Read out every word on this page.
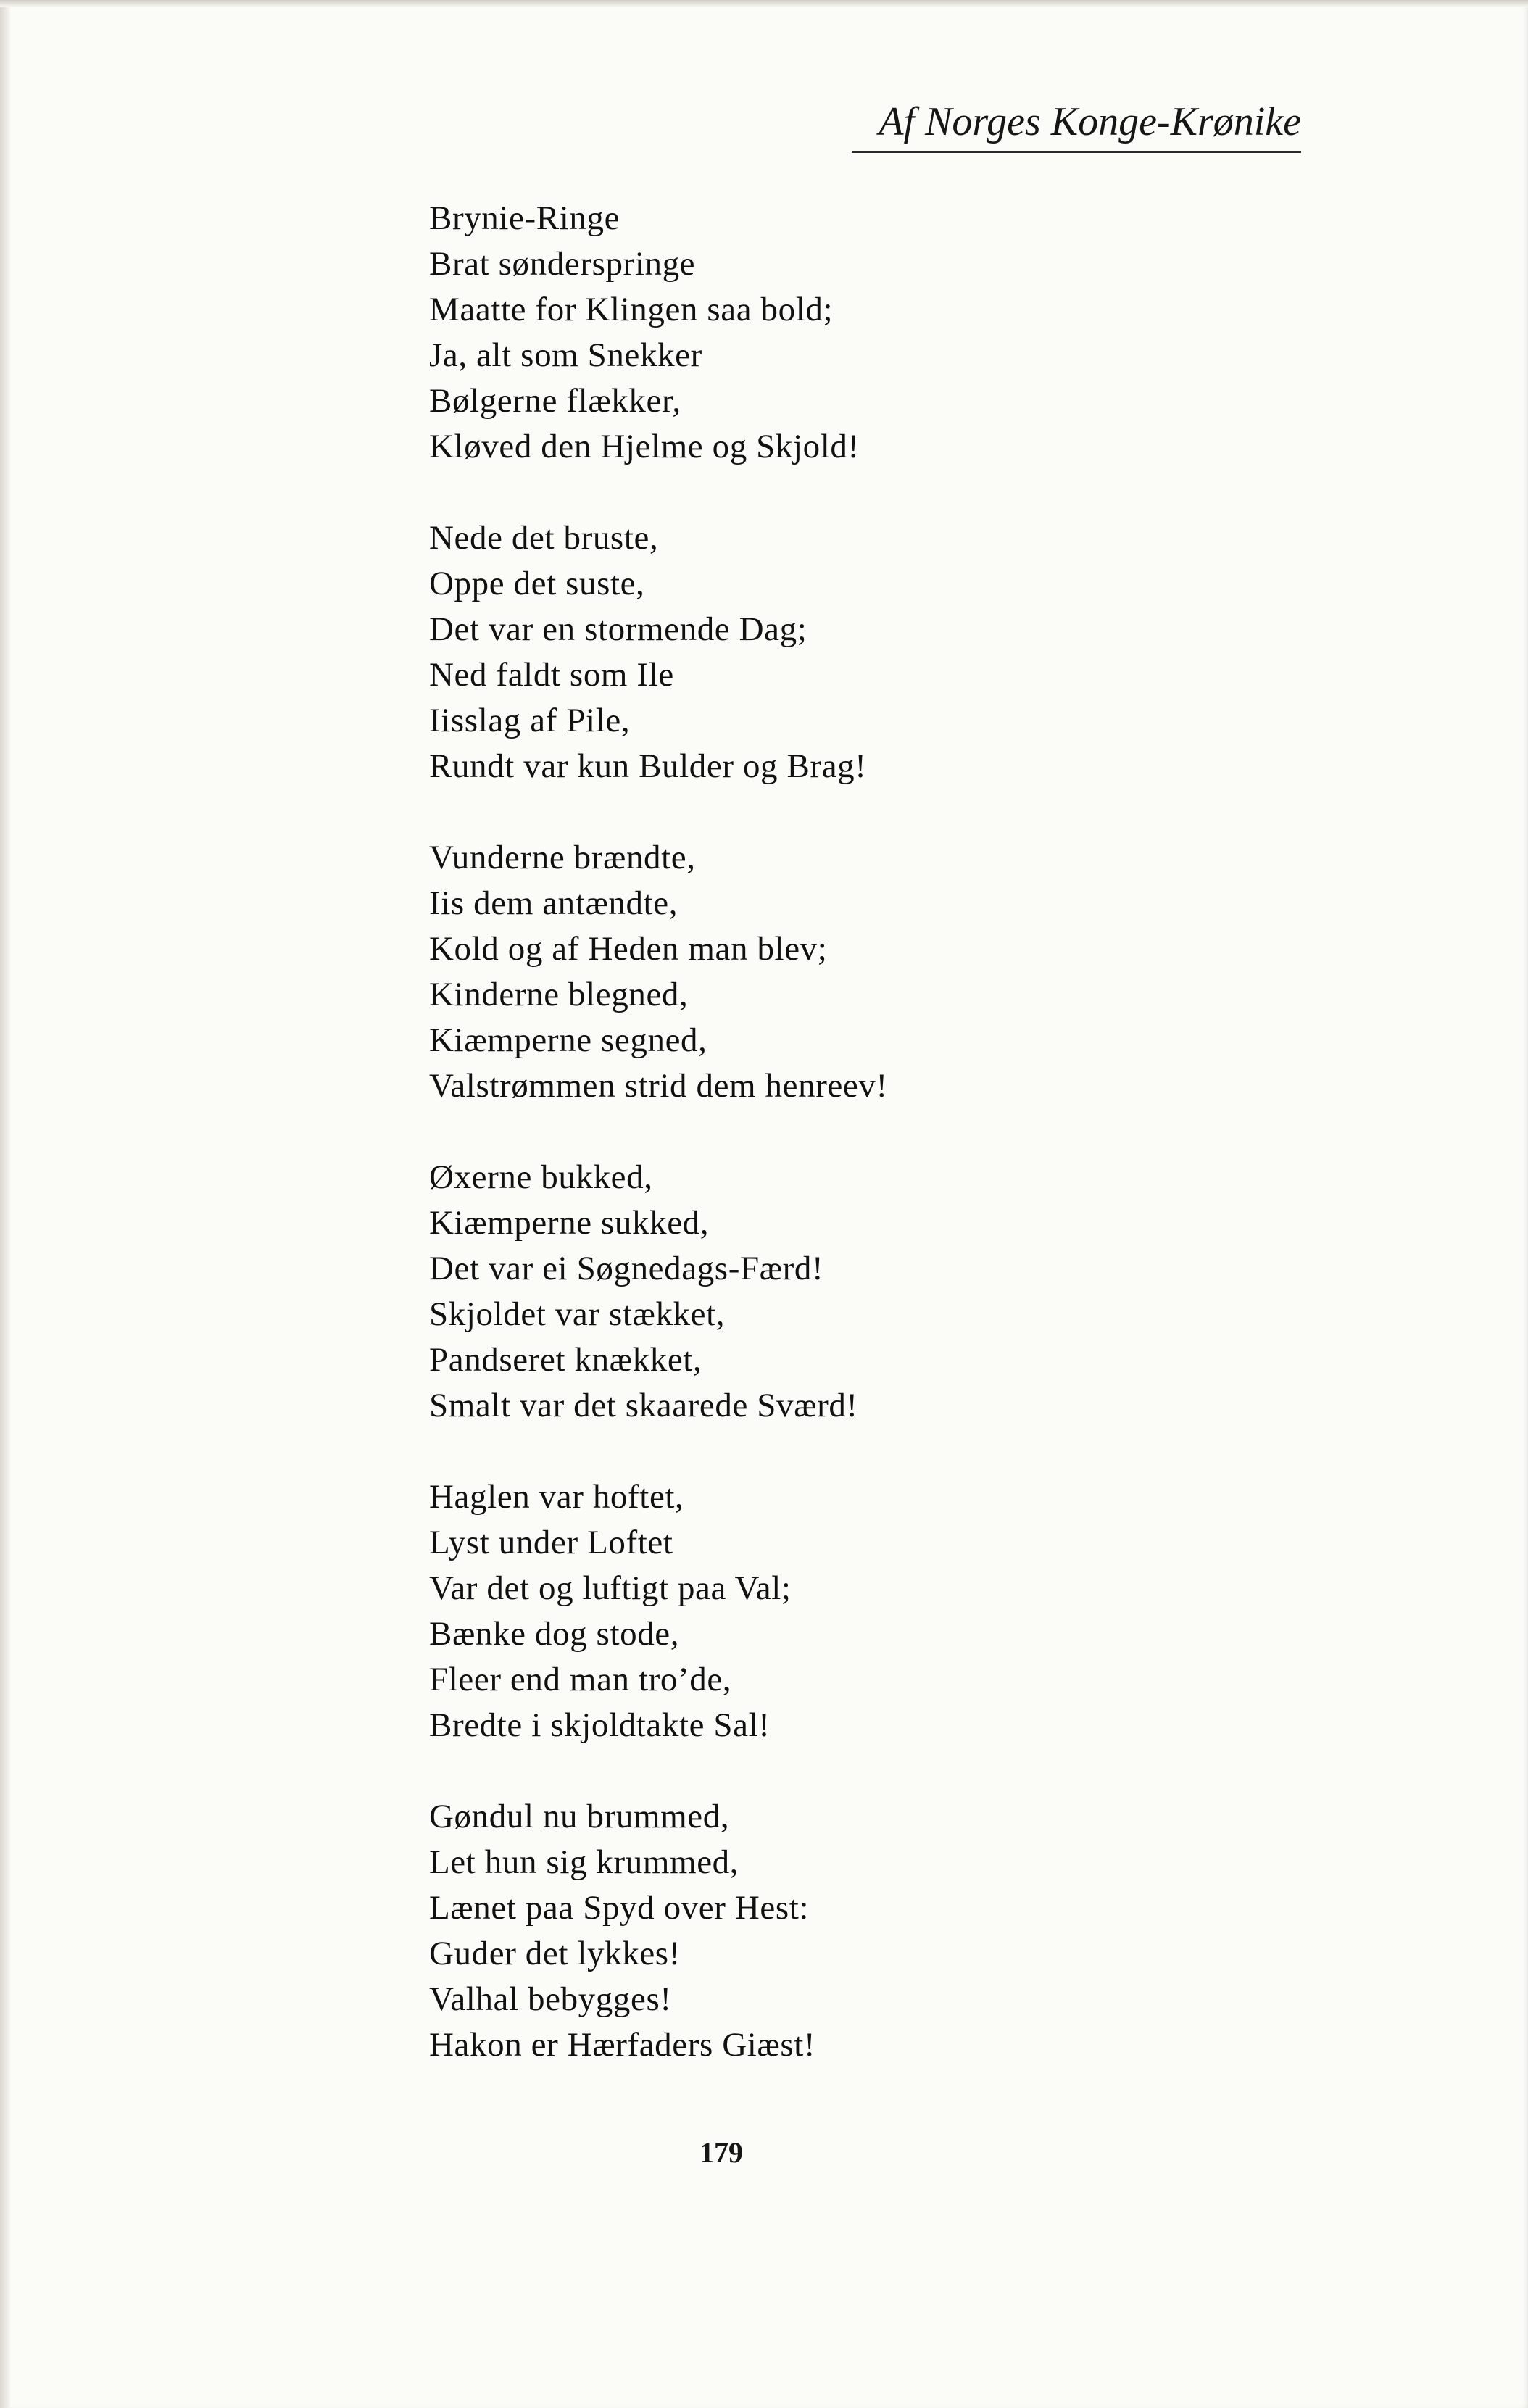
Af Norges Konge-Krønike
Brynie-Ringe
Brat sønderspringe
Maatte for Klingen saa bold;
Ja, alt som Snekker
Bølgerne flækker,
Kløved den Hjelme og Skjold!
Nede det bruste,
Oppe det suste,
Det var en stormende Dag;
Ned faldt som Ile
Iisslag af Pile,
Rundt var kun Bulder og Brag!
Vunderne brændte,
Iis dem antændte,
Kold og af Heden man blev;
Kinderne blegned,
Kiæmperne segned,
Valstrømmen strid dem henreev!
Øxerne bukked,
Kiæmperne sukked,
Det var ei Søgnedags-Færd!
Skjoldet var stækket,
Pandseret knækket,
Smalt var det skaarede Sværd!
Haglen var hoftet,
Lyst under Loftet
Var det og luftigt paa Val;
Bænke dog stode,
Fleer end man tro’de,
Bredte i skjoldtakte Sal!
Gøndul nu brummed,
Let hun sig krummed,
Lænet paa Spyd over Hest:
Guder det lykkes!
Valhal bebygges!
Hakon er Hærfaders Giæst!
179
